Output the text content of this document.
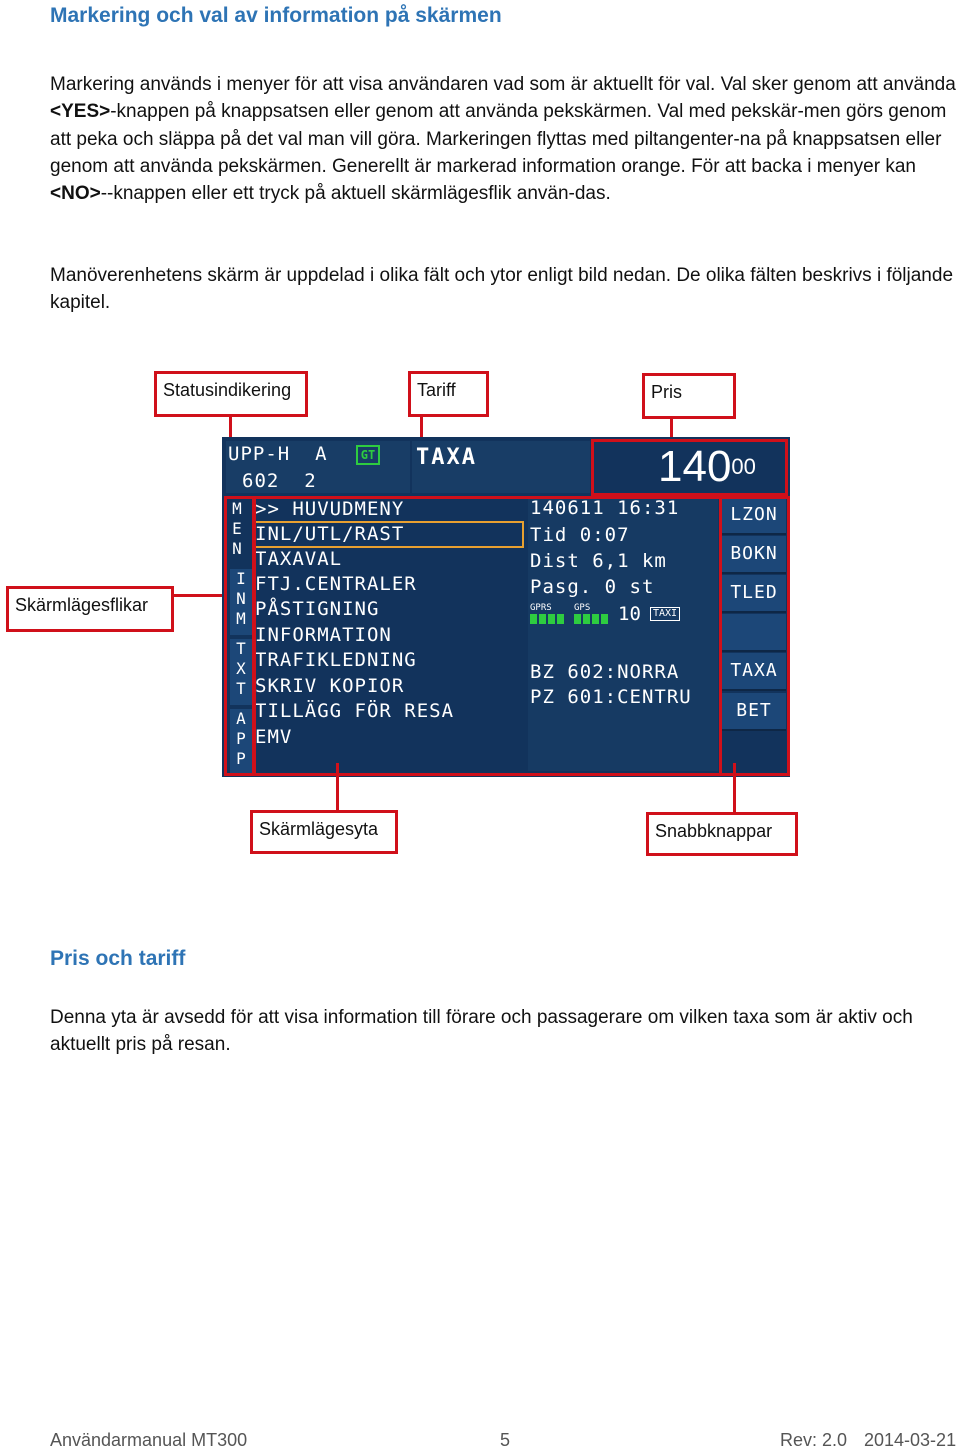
Markering och val av information på skärmen

Markering används i menyer för att visa användaren vad som är aktuellt för val. Val sker genom att använda <YES>-knappen på knappsatsen eller genom att använda pekskärmen. Val med pekskär-men görs genom att peka och släppa på det val man vill göra. Markeringen flyttas med piltangenter-na på knappsatsen eller genom att använda pekskärmen. Generellt är markerad information orange. För att backa i menyer kan <NO>--knappen eller ett tryck på aktuell skärmlägesflik använ-das.

Manöverenhetens skärm är uppdelad i olika fält och ytor enligt bild nedan. De olika fälten beskrivs i följande kapitel.

Statusindikering	Tariff	Pris
Skärmlägesflikar
UPP-H  A	GT
602  2
TAXA	$140^{00}$
M
E
N
I
N
M
T
X
T
A
P
P
>> HUVUDMENY
INL/UTL/RAST
TAXAVAL
FTJ.CENTRALER
PÅSTIGNING
INFORMATION
TRAFIKLEDNING
SKRIV KOPIOR
TILLÄGG FÖR RESA
EMV
140611 16:31
Tid 0:07
Dist 6,1 km
Pasg. 0 st
GPRS	GPS	10	TAXI
BZ 602:NORRA
PZ 601:CENTRU
LZON
BOKN
TLED
TAXA
BET
Skärmlägesyta	Snabbknappar
Pris och tariff

Denna yta är avsedd för att visa information till förare och passagerare om vilken taxa som är aktiv och aktuellt pris på resan.

Användarmanual MT300	5	Rev: 2.0 2014-03-21
